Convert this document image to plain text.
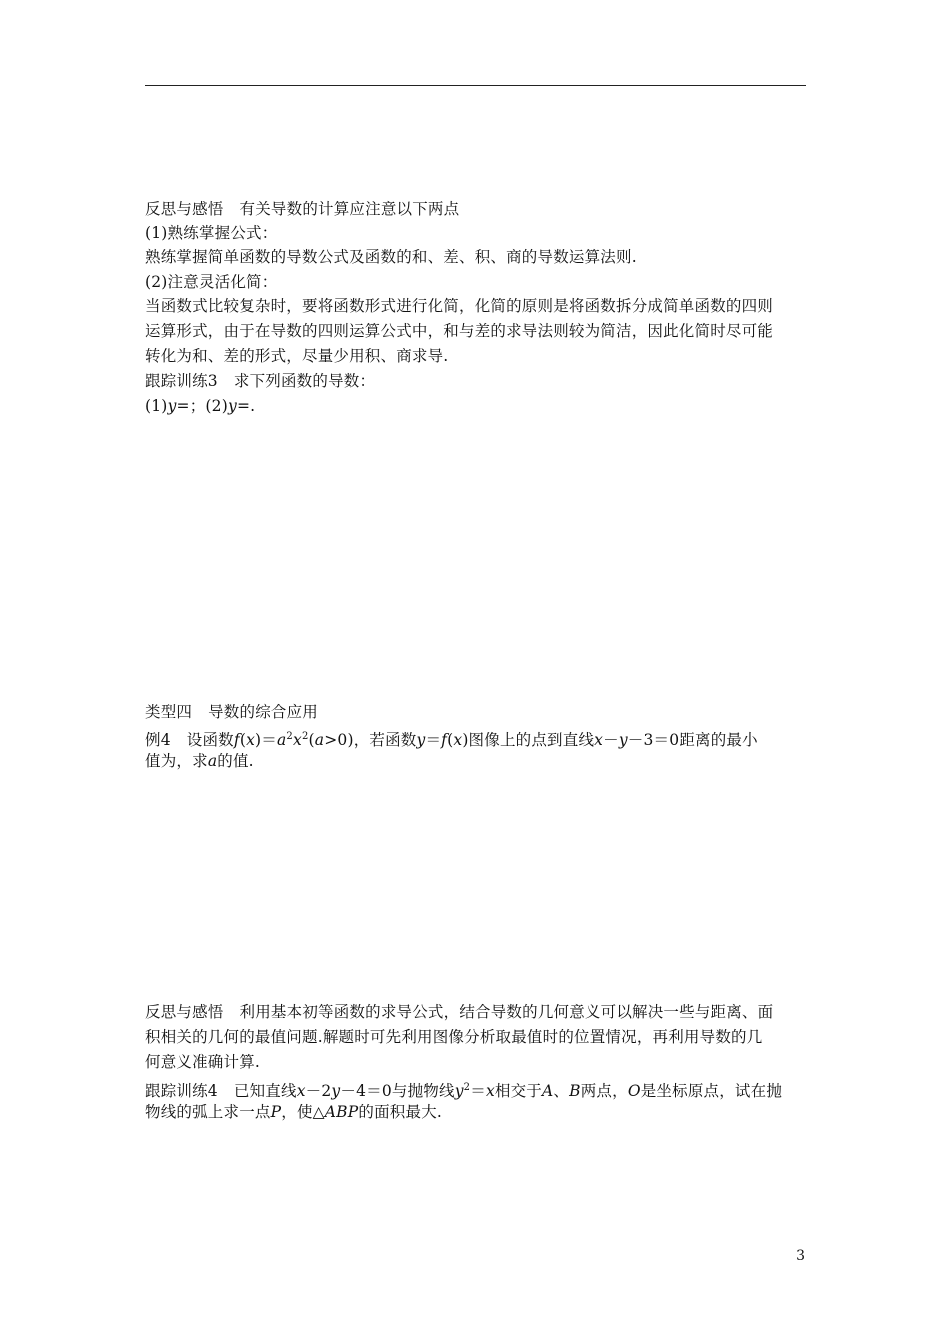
反思与感悟 有关导数的计算应注意以下两点
(1)熟练掌握公式：
熟练掌握简单函数的导数公式及函数的和、差、积、商的导数运算法则.
(2)注意灵活化简：
当函数式比较复杂时，要将函数形式进行化简，化简的原则是将函数拆分成简单函数的四则
运算形式，由于在导数的四则运算公式中，和与差的求导法则较为简洁，因此化简时尽可能
转化为和、差的形式，尽量少用积、商求导.
跟踪训练3 求下列函数的导数：
(1)y=；(2)y=.
类型四 导数的综合应用
例4 设函数$f(x)=a^2x^2(a>0)$，若函数y＝f(x)图像上的点到直线x－y－3＝0距离的最小
值为，求a的值.
反思与感悟 利用基本初等函数的求导公式，结合导数的几何意义可以解决一些与距离、面
积相关的几何的最值问题.解题时可先利用图像分析取最值时的位置情况，再利用导数的几
何意义准确计算.
跟踪训练4 已知直线x－2y－4＝0与抛物线$y^2=x$相交于A、B两点，O是坐标原点，试在抛
物线的弧上求一点P，使△ABP的面积最大.
3
